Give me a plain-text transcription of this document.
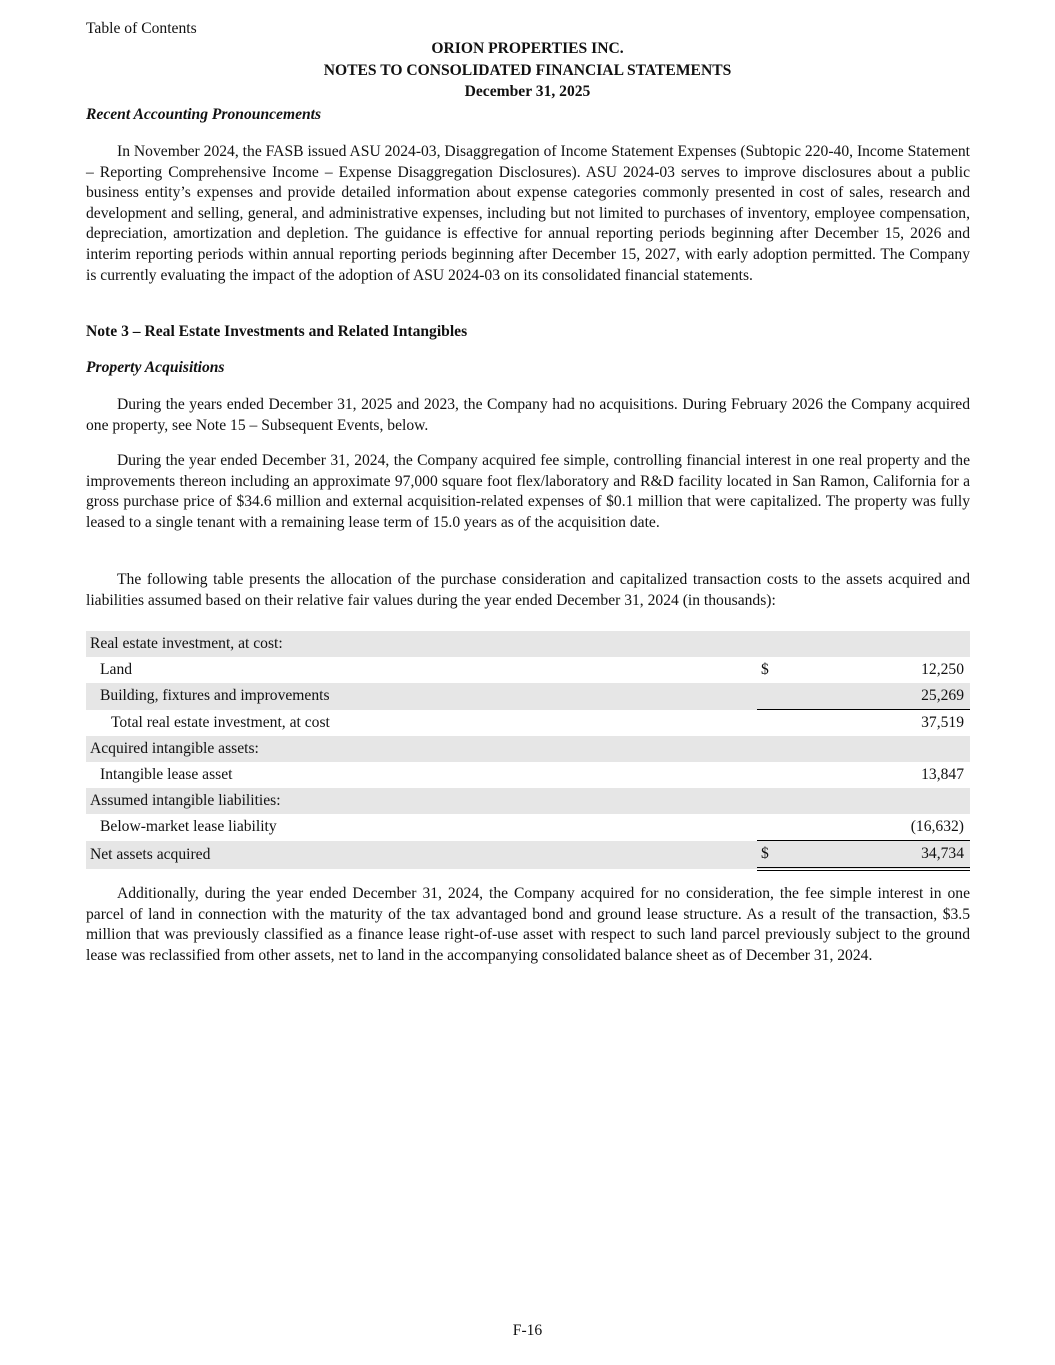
Table of Contents
ORION PROPERTIES INC.
NOTES TO CONSOLIDATED FINANCIAL STATEMENTS
December 31, 2025

Recent Accounting Pronouncements

In November 2024, the FASB issued ASU 2024-03, Disaggregation of Income Statement Expenses (Subtopic 220-40, Income Statement – Reporting Comprehensive Income – Expense Disaggregation Disclosures). ASU 2024-03 serves to improve disclosures about a public business entity’s expenses and provide detailed information about expense categories commonly presented in cost of sales, research and development and selling, general, and administrative expenses, including but not limited to purchases of inventory, employee compensation, depreciation, amortization and depletion. The guidance is effective for annual reporting periods beginning after December 15, 2026 and interim reporting periods within annual reporting periods beginning after December 15, 2027, with early adoption permitted. The Company is currently evaluating the impact of the adoption of ASU 2024-03 on its consolidated financial statements.

Note 3 – Real Estate Investments and Related Intangibles

Property Acquisitions

During the years ended December 31, 2025 and 2023, the Company had no acquisitions. During February 2026 the Company acquired one property, see Note 15 – Subsequent Events, below.

During the year ended December 31, 2024, the Company acquired fee simple, controlling financial interest in one real property and the improvements thereon including an approximate 97,000 square foot flex/laboratory and R&D facility located in San Ramon, California for a gross purchase price of $34.6 million and external acquisition-related expenses of $0.1 million that were capitalized. The property was fully leased to a single tenant with a remaining lease term of 15.0 years as of the acquisition date.

The following table presents the allocation of the purchase consideration and capitalized transaction costs to the assets acquired and liabilities assumed based on their relative fair values during the year ended December 31, 2024 (in thousands):

Real estate investment, at cost:			
Land		$	12,250
Building, fixtures and improvements			25,269
Total real estate investment, at cost			37,519
Acquired intangible assets:			
Intangible lease asset			13,847
Assumed intangible liabilities:			
Below-market lease liability			(16,632)
Net assets acquired		$	34,734

Additionally, during the year ended December 31, 2024, the Company acquired for no consideration, the fee simple interest in one parcel of land in connection with the maturity of the tax advantaged bond and ground lease structure. As a result of the transaction, $3.5 million that was previously classified as a finance lease right-of-use asset with respect to such land parcel previously subject to the ground lease was reclassified from other assets, net to land in the accompanying consolidated balance sheet as of December 31, 2024.

F-16
